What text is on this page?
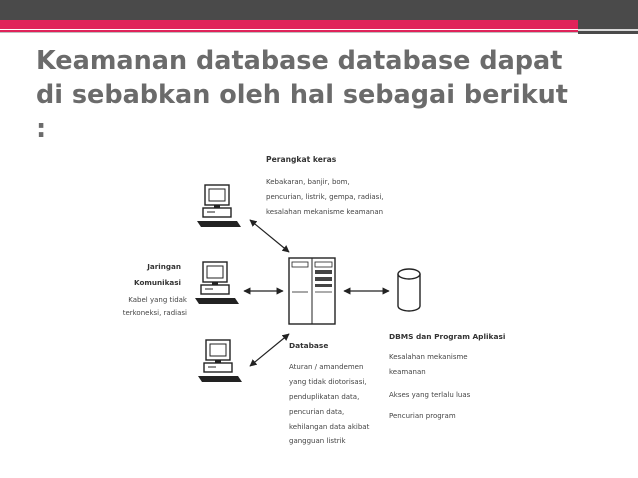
Keamanan database database dapat
di sebabkan oleh hal sebagai berikut
:
Perangkat keras
Kebakaran, banjir, bom,
pencurian, listrik, gempa, radiasi,
kesalahan mekanisme keamanan
Jaringan
Komunikasi
Kabel yang tidak
terkoneksi, radiasi
Database
Aturan / amandemen
yang tidak diotorisasi,
penduplikatan data,
pencurian data,
kehilangan data akibat
gangguan listrik
DBMS dan Program Aplikasi
Kesalahan mekanisme
keamanan
Akses yang terlalu luas
Pencurian program
